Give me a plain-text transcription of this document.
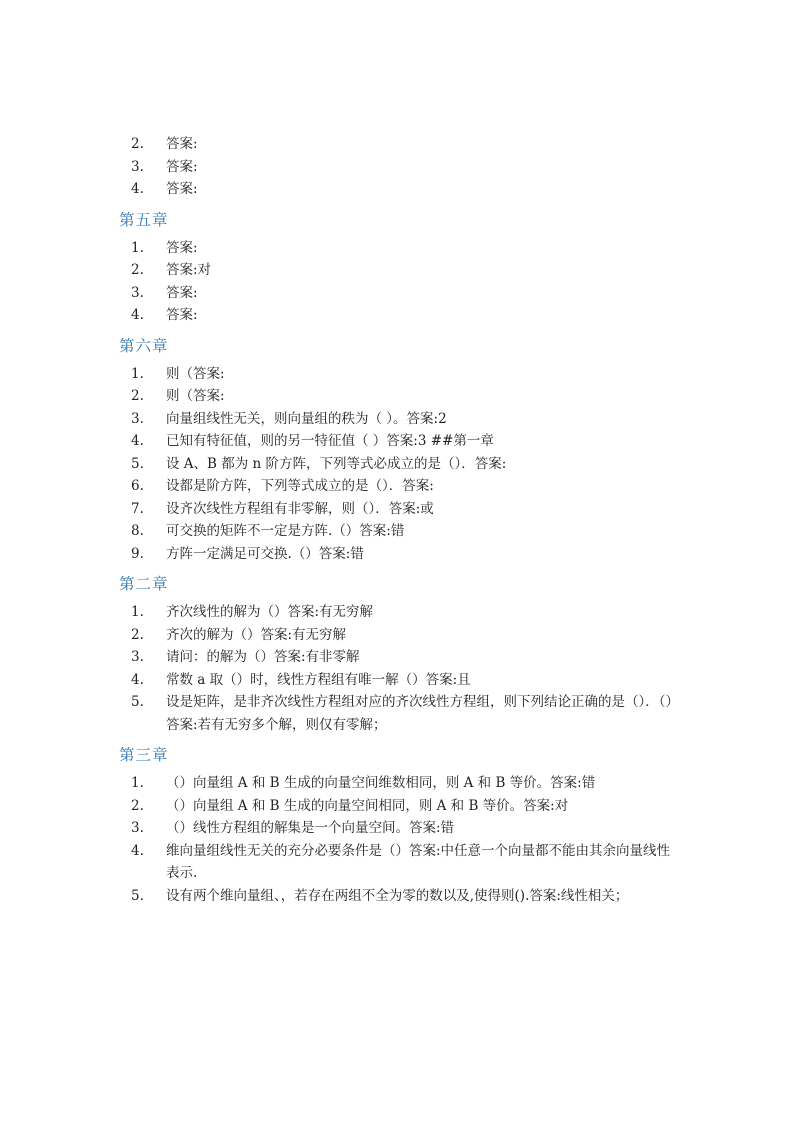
2.	答案:
3.	答案:
4.	答案:
第五章
1.	答案:
2.	答案:对
3.	答案:
4.	答案:
第六章
1.	则（答案:
2.	则（答案:
3.	向量组线性无关，则向量组的秩为（ ）。答案:2
4.	已知有特征值，则的另一特征值（ ）答案:3 ##第一章
5.	设 A、B 都为 n 阶方阵，下列等式必成立的是（）．答案:
6.	设都是阶方阵，下列等式成立的是（）．答案:
7.	设齐次线性方程组有非零解，则（）．答案:或
8.	可交换的矩阵不一定是方阵.（）答案:错
9.	方阵一定满足可交换.（）答案:错
第二章
1.	齐次线性的解为（）答案:有无穷解
2.	齐次的解为（）答案:有无穷解
3.	请问：的解为（）答案:有非零解
4.	常数 a 取（）时，线性方程组有唯一解（）答案:且
5.	设是矩阵，是非齐次线性方程组对应的齐次线性方程组，则下列结论正确的是（）．（）答案:若有无穷多个解，则仅有零解；
第三章
1.	（）向量组 A 和 B 生成的向量空间维数相同，则 A 和 B 等价。答案:错
2.	（）向量组 A 和 B 生成的向量空间相同，则 A 和 B 等价。答案:对
3.	（）线性方程组的解集是一个向量空间。答案:错
4.	维向量组线性无关的充分必要条件是（）答案:中任意一个向量都不能由其余向量线性表示.
5.	设有两个维向量组、，若存在两组不全为零的数以及,使得则().答案:线性相关；
